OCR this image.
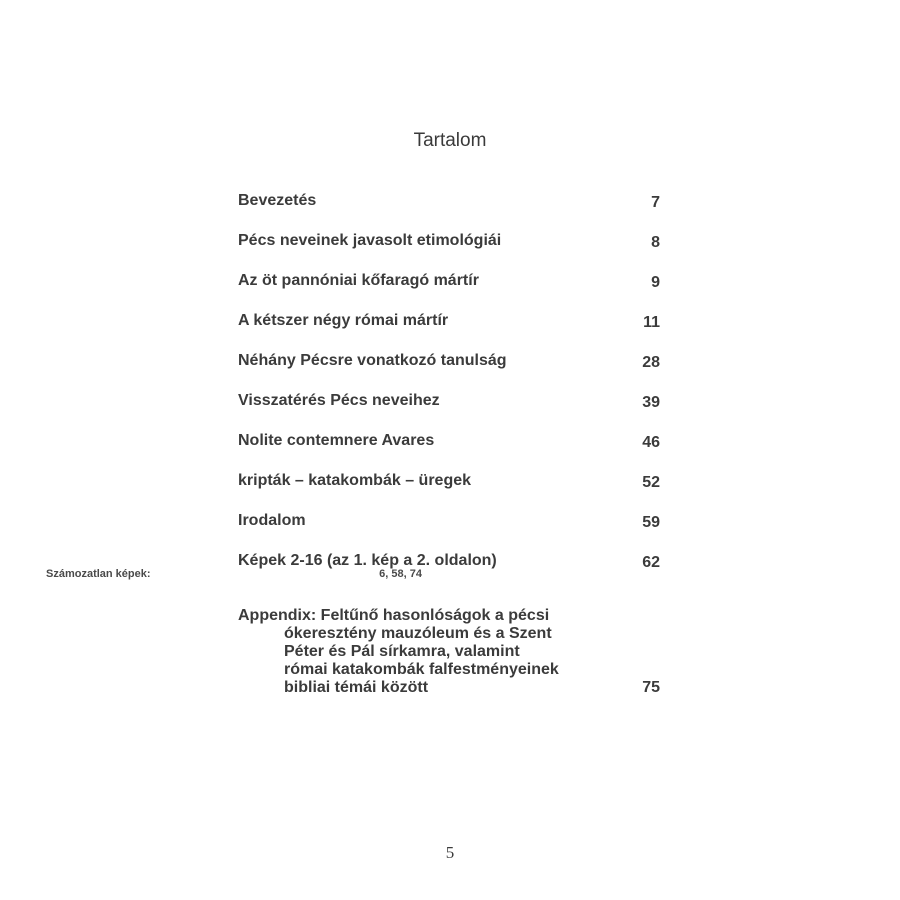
Tartalom
Bevezetés	7
Pécs neveinek javasolt etimológiái	8
Az öt pannóniai kőfaragó mártír	9
A kétszer négy római mártír	11
Néhány Pécsre vonatkozó tanulság	28
Visszatérés Pécs neveihez	39
Nolite contemnere Avares	46
kripták – katakombák – üregek	52
Irodalom	59
Képek 2-16 (az 1. kép a 2. oldalon)	62
Számozatlan képek:	6, 58, 74
Appendix: Feltűnő hasonlóságok a pécsi
ókeresztény mauzóleum és a Szent
Péter és Pál sírkamra, valamint
római katakombák falfestményeinek
bibliai témái között	75
5
